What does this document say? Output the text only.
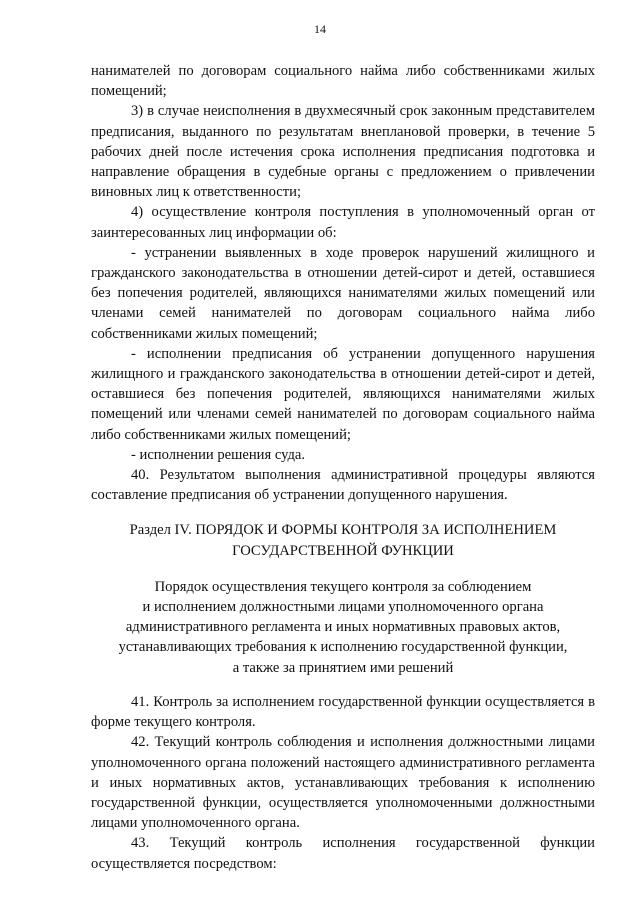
14

нанимателей по договорам социального найма либо собственниками жилых помещений;

3) в случае неисполнения в двухмесячный срок законным представителем предписания, выданного по результатам внеплановой проверки, в течение 5 рабочих дней после истечения срока исполнения предписания подготовка и направление обращения в судебные органы с предложением о привлечении виновных лиц к ответственности;

4) осуществление контроля поступления в уполномоченный орган от заинтересованных лиц информации об:

- устранении выявленных в ходе проверок нарушений жилищного и гражданского законодательства в отношении детей-сирот и детей, оставшиеся без попечения родителей, являющихся нанимателями жилых помещений или членами семей нанимателей по договорам социального найма либо собственниками жилых помещений;

- исполнении предписания об устранении допущенного нарушения жилищного и гражданского законодательства в отношении детей-сирот и детей, оставшиеся без попечения родителей, являющихся нанимателями жилых помещений или членами семей нанимателей по договорам социального найма либо собственниками жилых помещений;

- исполнении решения суда.

40. Результатом выполнения административной процедуры являются составление предписания об устранении допущенного нарушения.

Раздел IV. ПОРЯДОК И ФОРМЫ КОНТРОЛЯ ЗА ИСПОЛНЕНИЕМ

ГОСУДАРСТВЕННОЙ ФУНКЦИИ

Порядок осуществления текущего контроля за соблюдением

и исполнением должностными лицами уполномоченного органа

административного регламента и иных нормативных правовых актов,

устанавливающих требования к исполнению государственной функции,

а также за принятием ими решений

41. Контроль за исполнением государственной функции осуществляется в форме текущего контроля.

42. Текущий контроль соблюдения и исполнения должностными лицами уполномоченного органа положений настоящего административного регламента и иных нормативных актов, устанавливающих требования к исполнению государственной функции, осуществляется уполномоченными должностными лицами уполномоченного органа.

43. Текущий контроль исполнения государственной функции осуществляется посредством:
